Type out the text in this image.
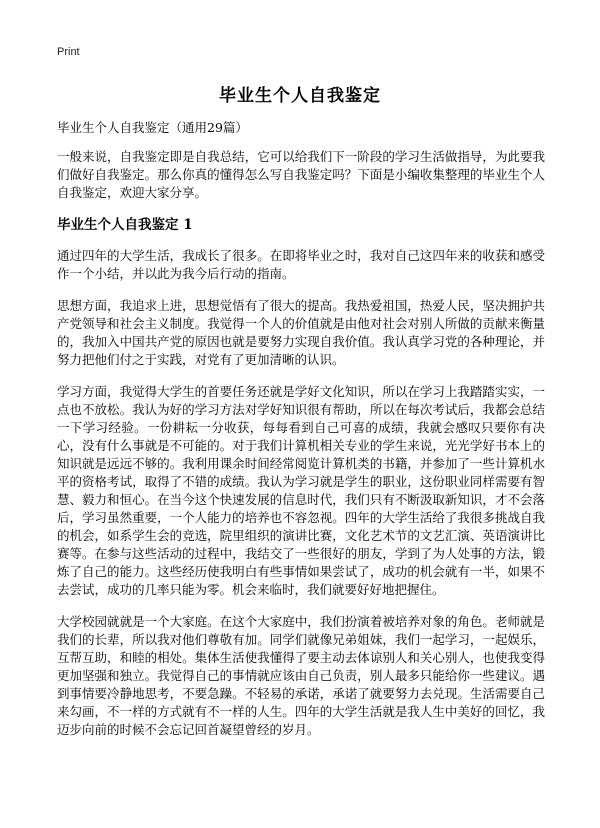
Print
毕业生个人自我鉴定

毕业生个人自我鉴定（通用29篇）

一般来说，自我鉴定即是自我总结，它可以给我们下一阶段的学习生活做指导，为此要我们做好自我鉴定。那么你真的懂得怎么写自我鉴定吗？下面是小编收集整理的毕业生个人自我鉴定，欢迎大家分享。

毕业生个人自我鉴定 1

通过四年的大学生活，我成长了很多。在即将毕业之时，我对自己这四年来的收获和感受作一个小结，并以此为我今后行动的指南。

思想方面，我追求上进，思想觉悟有了很大的提高。我热爱祖国，热爱人民，坚决拥护共产党领导和社会主义制度。我觉得一个人的价值就是由他对社会对别人所做的贡献来衡量的，我加入中国共产党的原因也就是要努力实现自我价值。我认真学习党的各种理论，并努力把他们付之于实践，对党有了更加清晰的认识。

学习方面，我觉得大学生的首要任务还就是学好文化知识，所以在学习上我踏踏实实，一点也不放松。我认为好的学习方法对学好知识很有帮助，所以在每次考试后，我都会总结一下学习经验。一份耕耘一分收获，每每看到自己可喜的成绩，我就会感叹只要你有决心，没有什么事就是不可能的。对于我们计算机相关专业的学生来说，光光学好书本上的知识就是远远不够的。我利用课余时间经常阅览计算机类的书籍，并参加了一些计算机水平的资格考试，取得了不错的成绩。我认为学习就是学生的职业，这份职业同样需要有智慧、毅力和恒心。在当今这个快速发展的信息时代，我们只有不断汲取新知识，才不会落后，学习虽然重要，一个人能力的培养也不容忽视。四年的大学生活给了我很多挑战自我的机会，如系学生会的竞选，院里组织的演讲比赛，文化艺术节的文艺汇演、英语演讲比赛等。在参与这些活动的过程中，我结交了一些很好的朋友，学到了为人处事的方法，锻炼了自己的能力。这些经历使我明白有些事情如果尝试了，成功的机会就有一半，如果不去尝试，成功的几率只能为零。机会来临时，我们就要好好地把握住。

大学校园就就是一个大家庭。在这个大家庭中，我们扮演着被培养对象的角色。老师就是我们的长辈，所以我对他们尊敬有加。同学们就像兄弟姐妹，我们一起学习，一起娱乐，互帮互助，和睦的相处。集体生活使我懂得了要主动去体谅别人和关心别人，也使我变得更加坚强和独立。我觉得自己的事情就应该由自己负责，别人最多只能给你一些建议。遇到事情要冷静地思考，不要急躁。不轻易的承诺，承诺了就要努力去兑现。生活需要自己来勾画，不一样的方式就有不一样的人生。四年的大学生活就是我人生中美好的回忆，我迈步向前的时候不会忘记回首凝望曾经的岁月。
